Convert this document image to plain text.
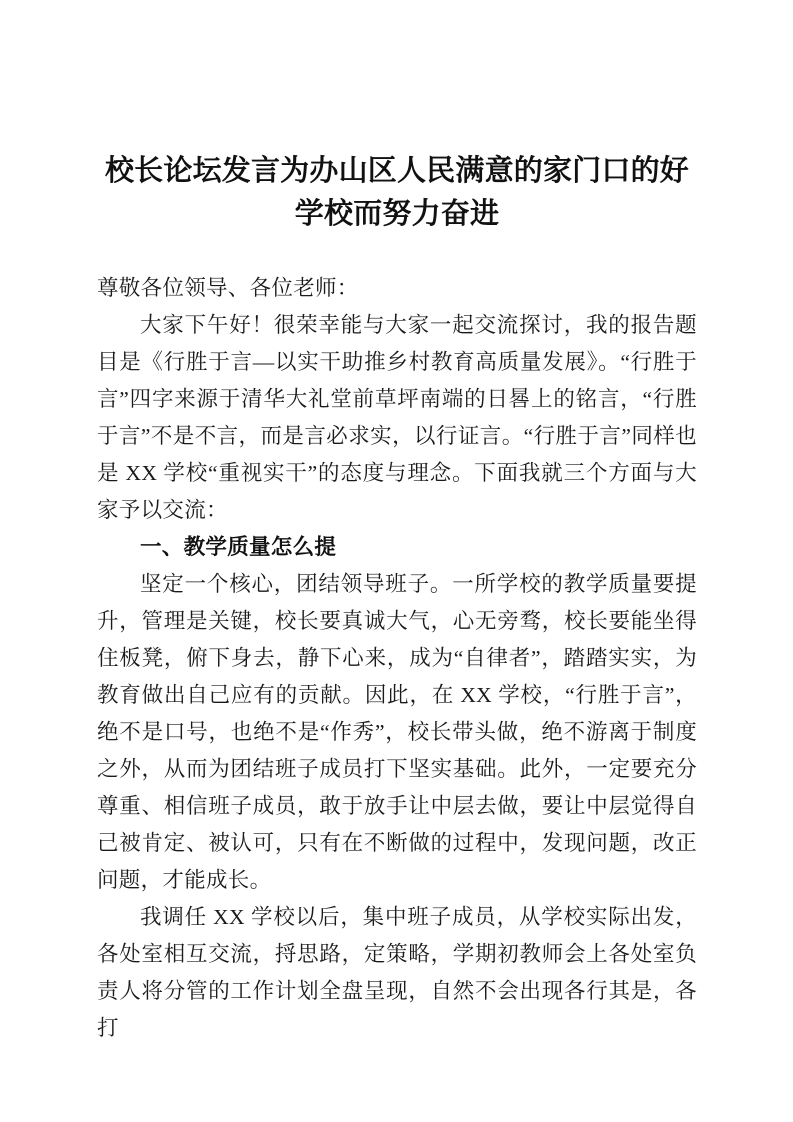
校长论坛发言为办山区人民满意的家门口的好学校而努力奋进

尊敬各位领导、各位老师：

大家下午好！很荣幸能与大家一起交流探讨，我的报告题目是《行胜于言—以实干助推乡村教育高质量发展》。“行胜于言”四字来源于清华大礼堂前草坪南端的日晷上的铭言，“行胜于言”不是不言，而是言必求实，以行证言。“行胜于言”同样也是 XX 学校“重视实干”的态度与理念。下面我就三个方面与大家予以交流：

一、教学质量怎么提

坚定一个核心，团结领导班子。一所学校的教学质量要提升，管理是关键，校长要真诚大气，心无旁骛，校长要能坐得住板凳，俯下身去，静下心来，成为“自律者”，踏踏实实，为教育做出自己应有的贡献。因此，在 XX 学校，“行胜于言”，绝不是口号，也绝不是“作秀”，校长带头做，绝不游离于制度之外，从而为团结班子成员打下坚实基础。此外，一定要充分尊重、相信班子成员，敢于放手让中层去做，要让中层觉得自己被肯定、被认可，只有在不断做的过程中，发现问题，改正问题，才能成长。

我调任 XX 学校以后，集中班子成员，从学校实际出发，各处室相互交流，捋思路，定策略，学期初教师会上各处室负责人将分管的工作计划全盘呈现，自然不会出现各行其是，各打
